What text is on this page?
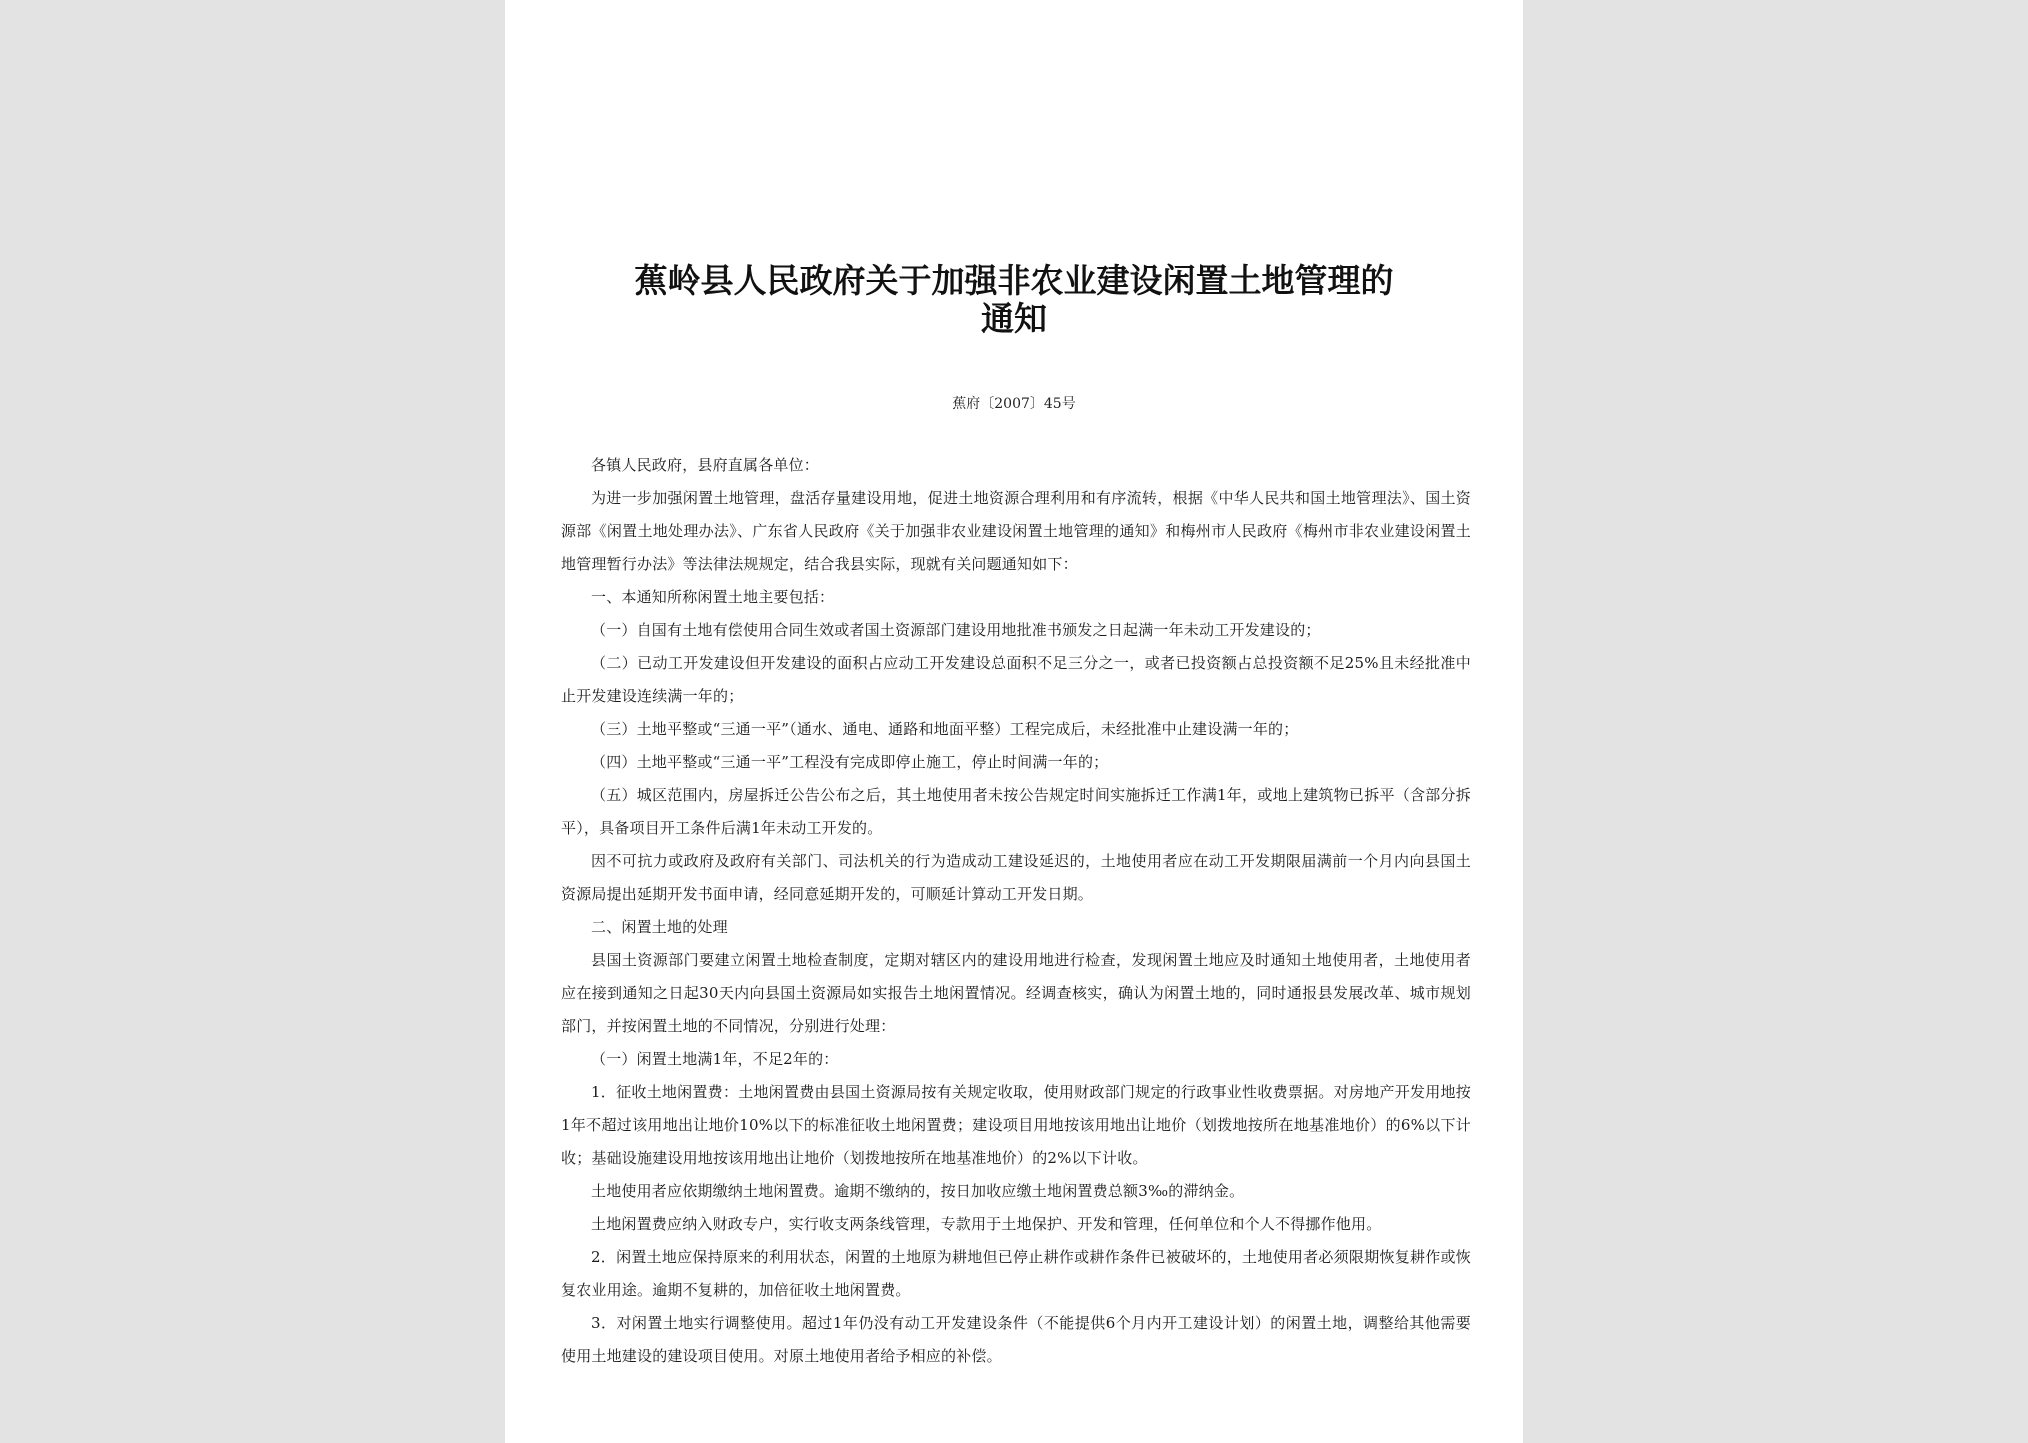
蕉岭县人民政府关于加强非农业建设闲置土地管理的
通知
蕉府〔2007〕45号

各镇人民政府，县府直属各单位：

为进一步加强闲置土地管理，盘活存量建设用地，促进土地资源合理利用和有序流转，根据《中华人民共和国土地管理法》、国土资源部《闲置土地处理办法》、广东省人民政府《关于加强非农业建设闲置土地管理的通知》和梅州市人民政府《梅州市非农业建设闲置土地管理暂行办法》等法律法规规定，结合我县实际，现就有关问题通知如下：

一、本通知所称闲置土地主要包括：

（一）自国有土地有偿使用合同生效或者国土资源部门建设用地批准书颁发之日起满一年未动工开发建设的；

（二）已动工开发建设但开发建设的面积占应动工开发建设总面积不足三分之一，或者已投资额占总投资额不足25%且未经批准中止开发建设连续满一年的；

（三）土地平整或“三通一平”（通水、通电、通路和地面平整）工程完成后，未经批准中止建设满一年的；

（四）土地平整或“三通一平”工程没有完成即停止施工，停止时间满一年的；

（五）城区范围内，房屋拆迁公告公布之后，其土地使用者未按公告规定时间实施拆迁工作满1年，或地上建筑物已拆平（含部分拆平），具备项目开工条件后满1年未动工开发的。

因不可抗力或政府及政府有关部门、司法机关的行为造成动工建设延迟的，土地使用者应在动工开发期限届满前一个月内向县国土资源局提出延期开发书面申请，经同意延期开发的，可顺延计算动工开发日期。

二、闲置土地的处理

县国土资源部门要建立闲置土地检查制度，定期对辖区内的建设用地进行检查，发现闲置土地应及时通知土地使用者，土地使用者应在接到通知之日起30天内向县国土资源局如实报告土地闲置情况。经调查核实，确认为闲置土地的，同时通报县发展改革、城市规划部门，并按闲置土地的不同情况，分别进行处理：

（一）闲置土地满1年，不足2年的：

1．征收土地闲置费：土地闲置费由县国土资源局按有关规定收取，使用财政部门规定的行政事业性收费票据。对房地产开发用地按1年不超过该用地出让地价10%以下的标准征收土地闲置费；建设项目用地按该用地出让地价（划拨地按所在地基准地价）的6%以下计收；基础设施建设用地按该用地出让地价（划拨地按所在地基准地价）的2%以下计收。

土地使用者应依期缴纳土地闲置费。逾期不缴纳的，按日加收应缴土地闲置费总额3‰的滞纳金。

土地闲置费应纳入财政专户，实行收支两条线管理，专款用于土地保护、开发和管理，任何单位和个人不得挪作他用。

2．闲置土地应保持原来的利用状态，闲置的土地原为耕地但已停止耕作或耕作条件已被破坏的，土地使用者必须限期恢复耕作或恢复农业用途。逾期不复耕的，加倍征收土地闲置费。

3．对闲置土地实行调整使用。超过1年仍没有动工开发建设条件（不能提供6个月内开工建设计划）的闲置土地，调整给其他需要使用土地建设的建设项目使用。对原土地使用者给予相应的补偿。
